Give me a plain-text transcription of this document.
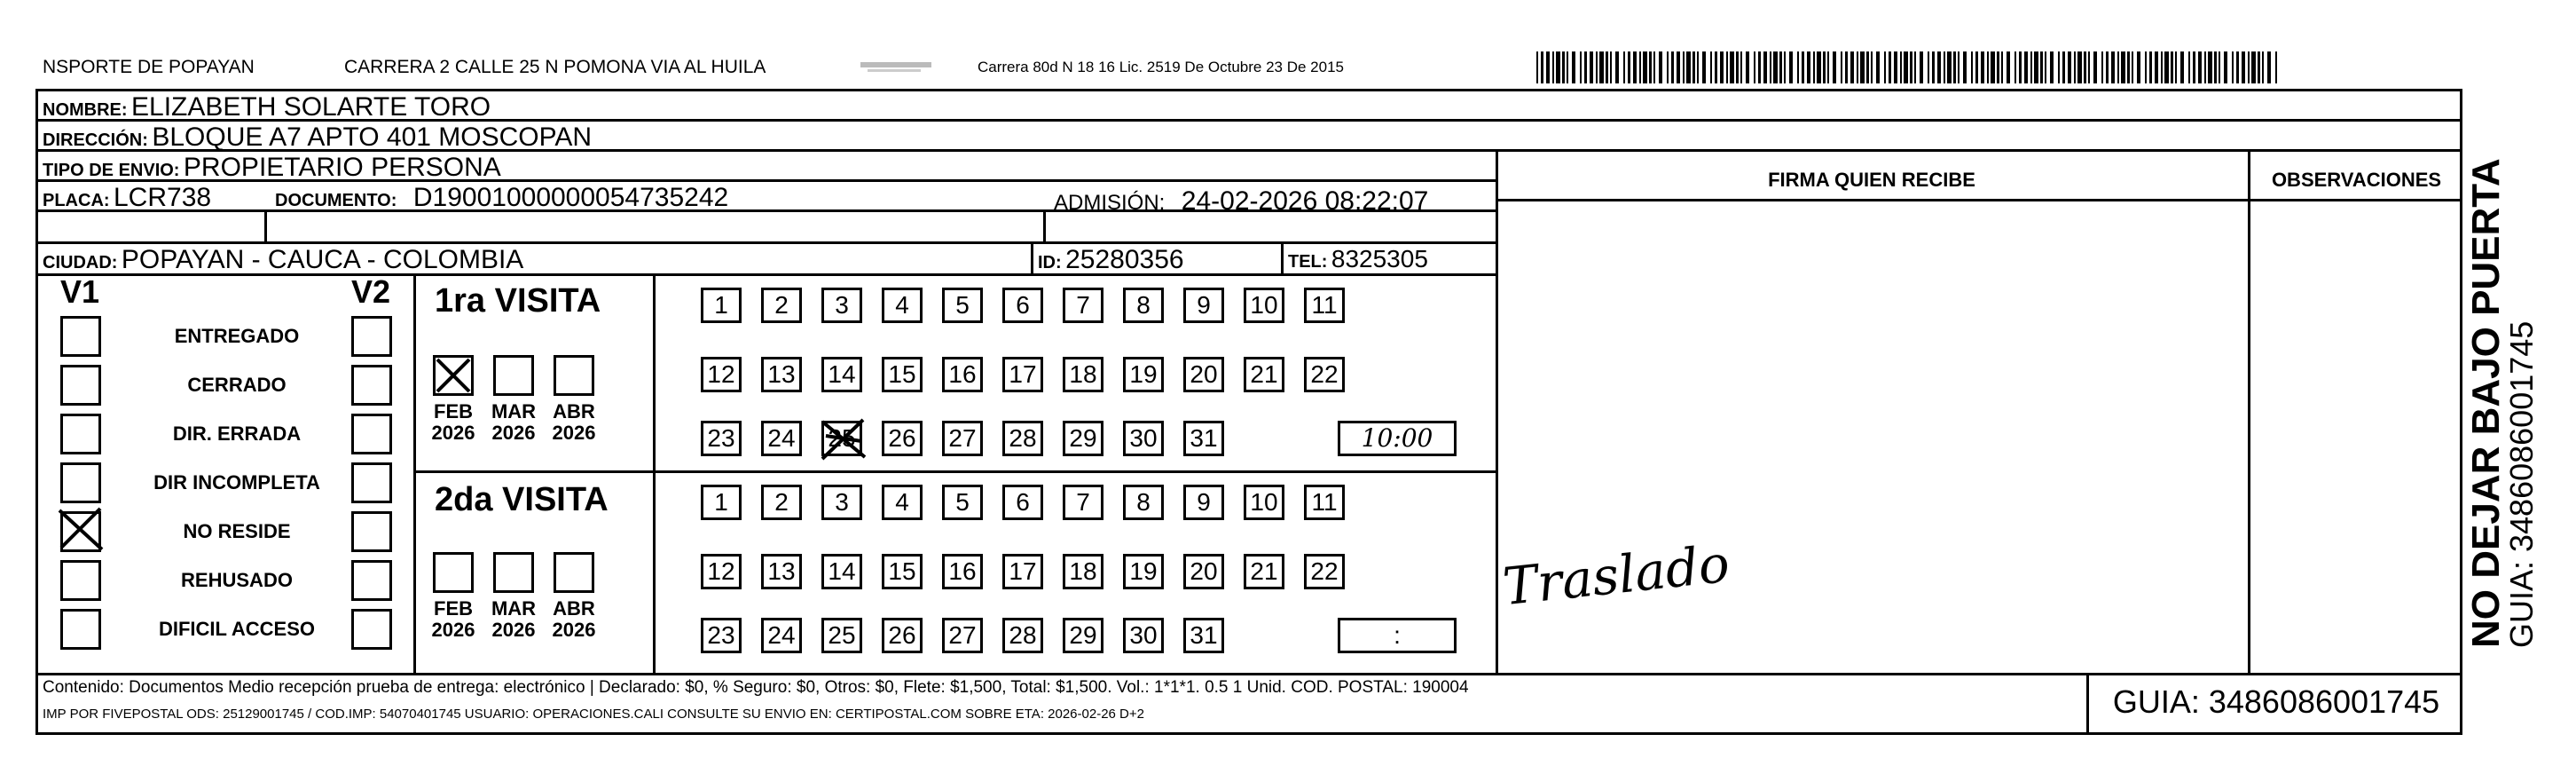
NSPORTE DE POPAYAN	CARRERA 2 CALLE 25 N POMONA VIA AL HUILA	Carrera 80d N 18 16 Lic. 2519 De Octubre 23 De 2015
NOMBRE: ELIZABETH SOLARTE TORO
DIRECCIÓN: BLOQUE A7 APTO 401 MOSCOPAN
TIPO DE ENVIO: PROPIETARIO PERSONA
PLACA: LCR738	DOCUMENTO: D19001000000054735242	ADMISIÓN: 24-02-2026 08:22:07
CIUDAD: POPAYAN - CAUCA - COLOMBIA	ID: 25280356	TEL: 8325305
FIRMA QUIEN RECIBE	OBSERVACIONES
Traslado
V1	V2
ENTREGADO
CERRADO
DIR. ERRADA
DIR INCOMPLETA
NO RESIDE
REHUSADO
DIFICIL ACCESO
1ra VISITA
FEB
2026
MAR
2026
ABR
2026
1	2	3	4	5	6	7	8	9	10	11
12 13 14 15 16 17 18 19 20 21 22
23 24 25 26 27 28 29 30 31	10:00
2da VISITA
FEB
2026
MAR
2026
ABR
2026
1	2	3	4	5	6	7	8	9	10	11
12 13 14 15 16 17 18 19 20 21 22
23 24 25 26 27 28 29 30 31	:
Contenido: Documentos Medio recepción prueba de entrega: electrónico | Declarado: $0, % Seguro: $0, Otros: $0, Flete: $1,500, Total: $1,500. Vol.: 1*1*1. 0.5 1 Unid. COD. POSTAL: 190004
IMP POR FIVEPOSTAL ODS: 25129001745 / COD.IMP: 54070401745 USUARIO: OPERACIONES.CALI CONSULTE SU ENVIO EN: CERTIPOSTAL.COM SOBRE ETA: 2026-02-26 D+2	GUIA: 3486086001745
NO DEJAR BAJO PUERTA
GUIA: 3486086001745
